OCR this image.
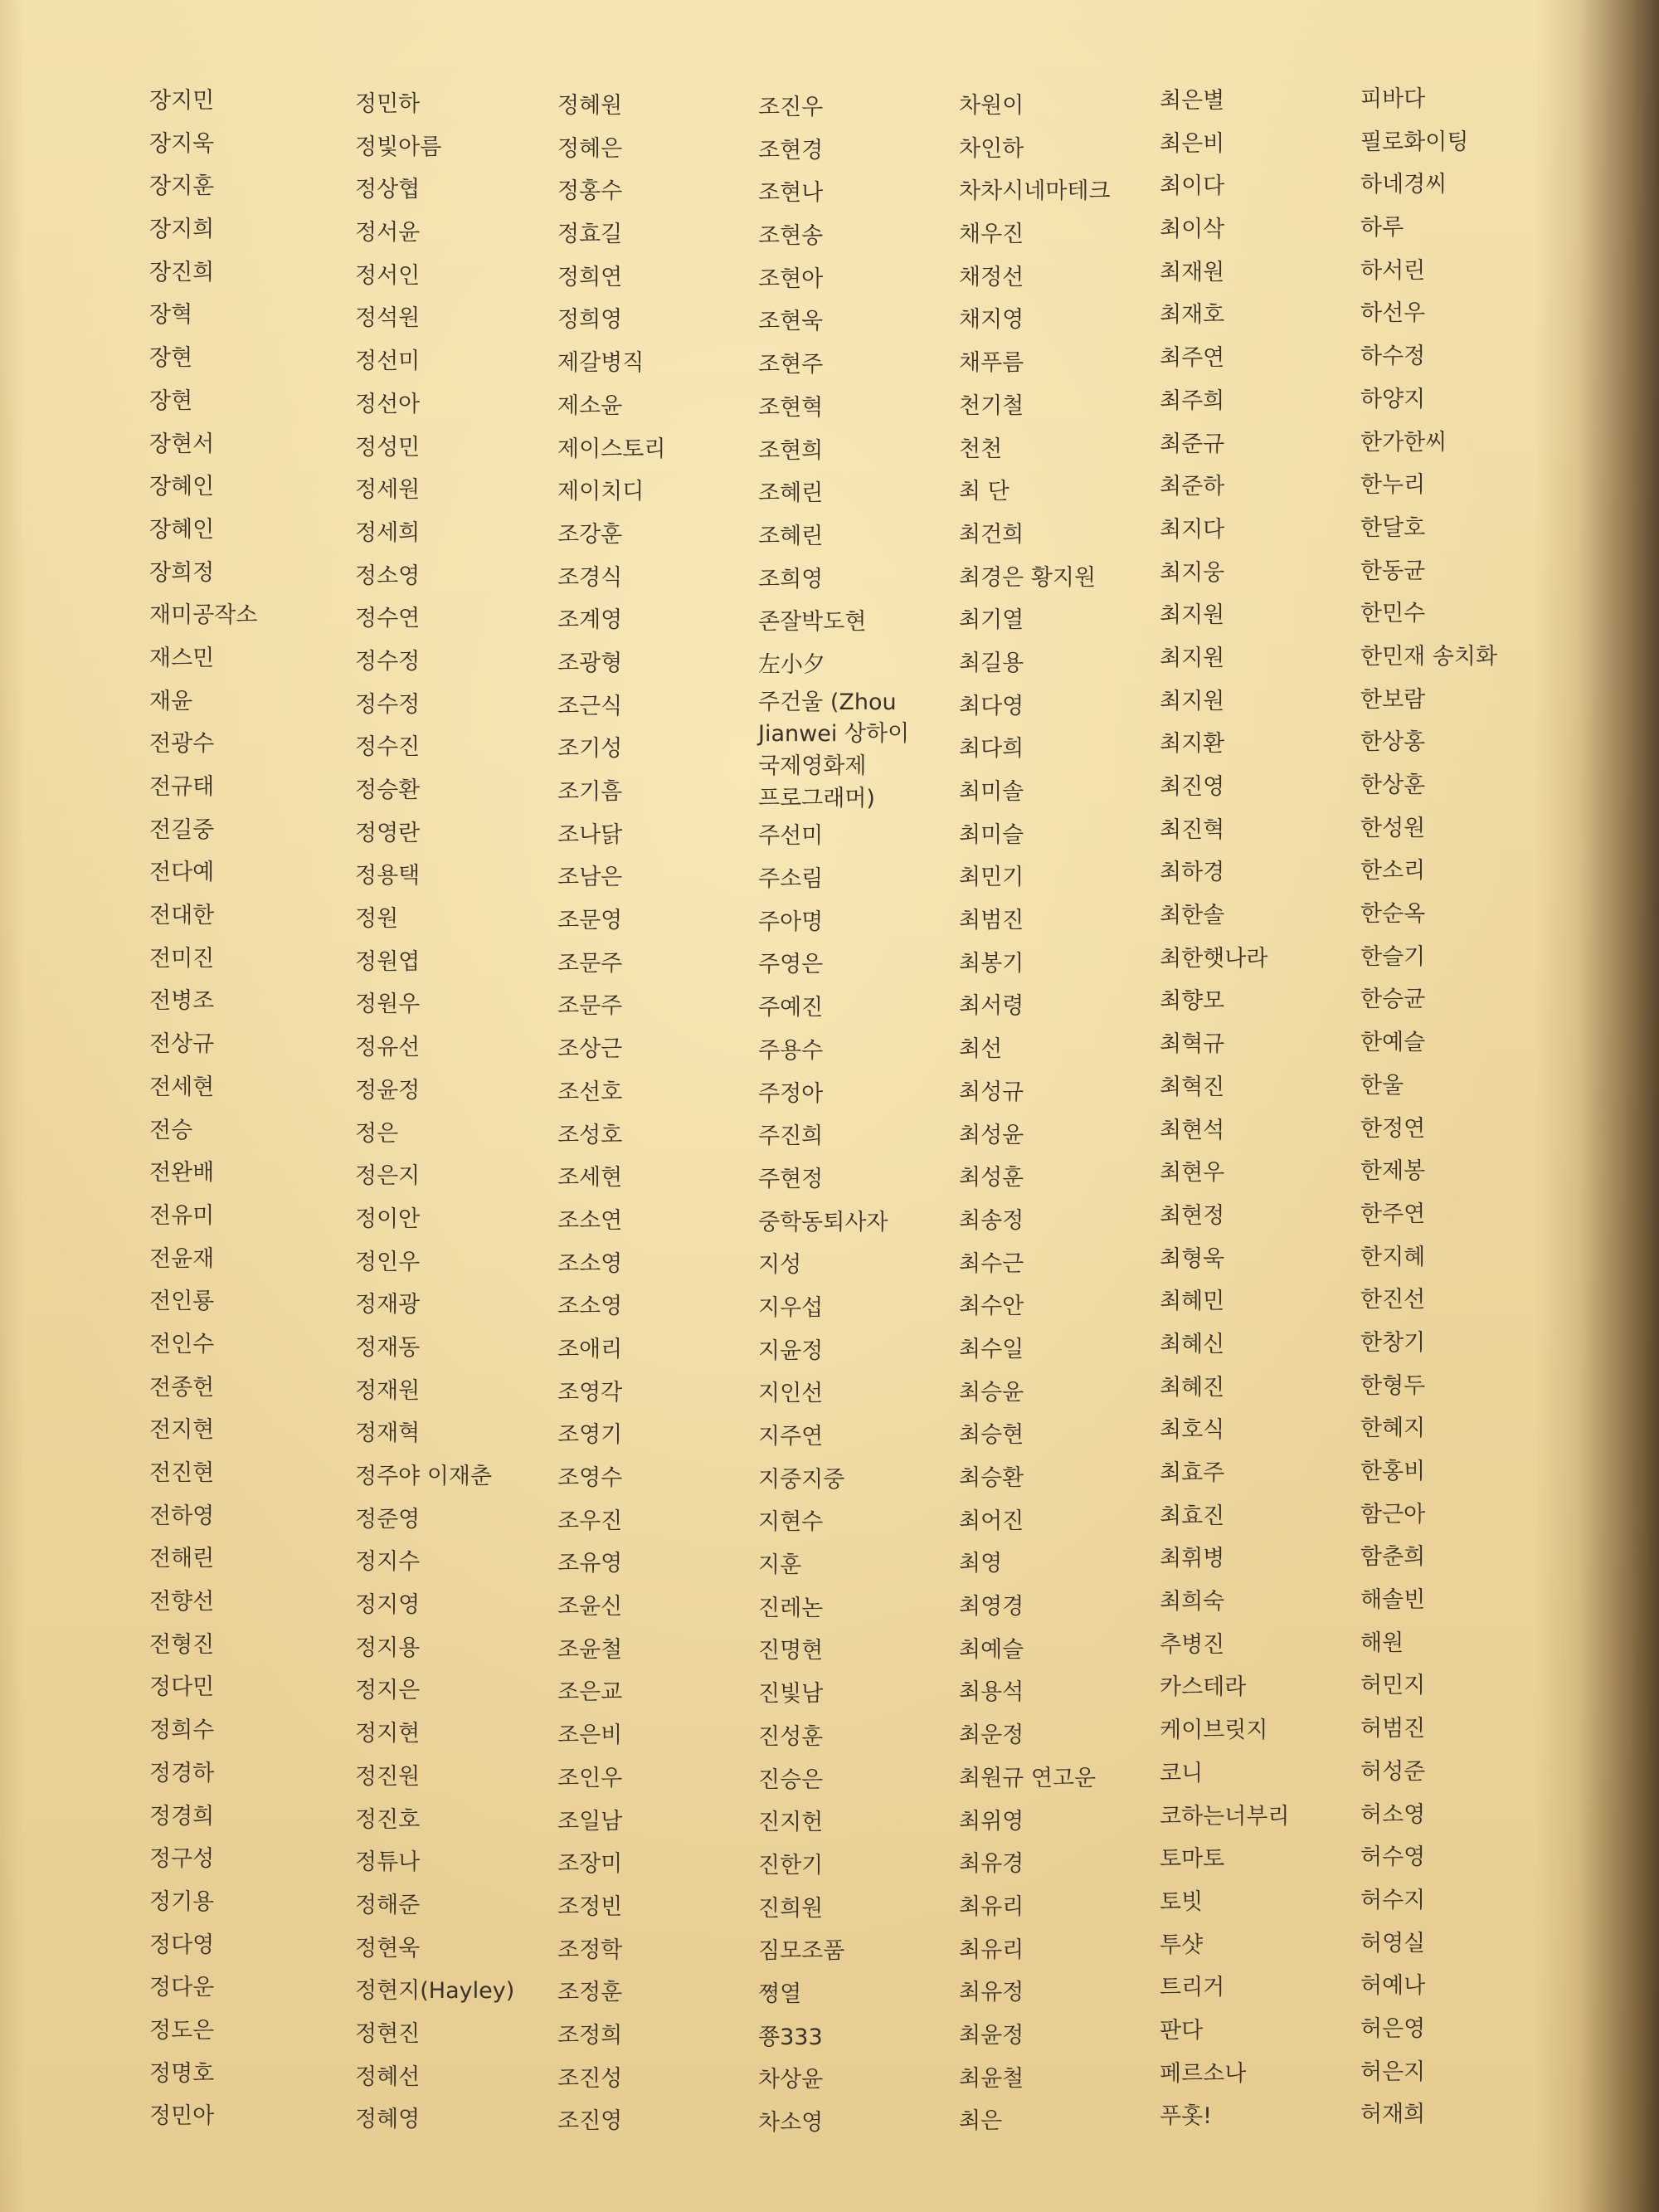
장지민
장지욱
장지훈
장지희
장진희
장혁
장현
장현
장현서
장혜인
장혜인
장희정
재미공작소
재스민
재윤
전광수
전규태
전길중
전다예
전대한
전미진
전병조
전상규
전세현
전승
전완배
전유미
전윤재
전인룡
전인수
전종헌
전지현
전진현
전하영
전해린
전향선
전형진
정다민
정희수
정경하
정경희
정구성
정기용
정다영
정다운
정도은
정명호
정민아
정민하
정빛아름
정상협
정서윤
정서인
정석원
정선미
정선아
정성민
정세원
정세희
정소영
정수연
정수정
정수정
정수진
정승환
정영란
정용택
정원
정원엽
정원우
정유선
정윤정
정은
정은지
정이안
정인우
정재광
정재동
정재원
정재혁
정주야 이재춘
정준영
정지수
정지영
정지용
정지은
정지현
정진원
정진호
정튜나
정해준
정현욱
정현지(Hayley)
정현진
정혜선
정혜영
정혜원
정혜은
정홍수
정효길
정희연
정희영
제갈병직
제소윤
제이스토리
제이치디
조강훈
조경식
조계영
조광형
조근식
조기성
조기흠
조나닭
조남은
조문영
조문주
조문주
조상근
조선호
조성호
조세현
조소연
조소영
조소영
조애리
조영각
조영기
조영수
조우진
조유영
조윤신
조윤철
조은교
조은비
조인우
조일남
조장미
조정빈
조정학
조정훈
조정희
조진성
조진영
조진우
조현경
조현나
조현송
조현아
조현욱
조현주
조현혁
조현희
조혜린
조혜린
조희영
존잘박도현
左小夕
주건울 (Zhou
Jianwei 상하이
국제영화제
프로그래머)
주선미
주소림
주아명
주영은
주예진
주용수
주정아
주진희
주현정
중학동퇴사자
지성
지우섭
지윤정
지인선
지주연
지중지중
지현수
지훈
진레논
진명현
진빛남
진성훈
진승은
진지헌
진한기
진희원
짐모조품
쪙열
쭁333
차상윤
차소영
차원이
차인하
차차시네마테크
채우진
채정선
채지영
채푸름
천기철
천천
최 단
최건희
최경은 황지원
최기열
최길용
최다영
최다희
최미솔
최미슬
최민기
최범진
최봉기
최서령
최선
최성규
최성윤
최성훈
최송정
최수근
최수안
최수일
최승윤
최승현
최승환
최어진
최영
최영경
최예슬
최용석
최운정
최원규 연고운
최위영
최유경
최유리
최유리
최유정
최윤정
최윤철
최은
최은별
최은비
최이다
최이삭
최재원
최재호
최주연
최주희
최준규
최준하
최지다
최지웅
최지원
최지원
최지원
최지환
최진영
최진혁
최하경
최한솔
최한햇나라
최향모
최혁규
최혁진
최현석
최현우
최현정
최형욱
최혜민
최혜신
최혜진
최호식
최효주
최효진
최휘병
최희숙
추병진
카스테라
케이브릿지
코니
코하는너부리
토마토
토빗
투샷
트리거
판다
페르소나
푸홋!
피바다
필로화이팅
하네경씨
하루
하서린
하선우
하수정
하양지
한가한씨
한누리
한달호
한동균
한민수
한민재 송치화
한보람
한상홍
한상훈
한성원
한소리
한순옥
한슬기
한승균
한예슬
한울
한정연
한제봉
한주연
한지혜
한진선
한창기
한형두
한혜지
한홍비
함근아
함춘희
해솔빈
해원
허민지
허범진
허성준
허소영
허수영
허수지
허영실
허예나
허은영
허은지
허재희
